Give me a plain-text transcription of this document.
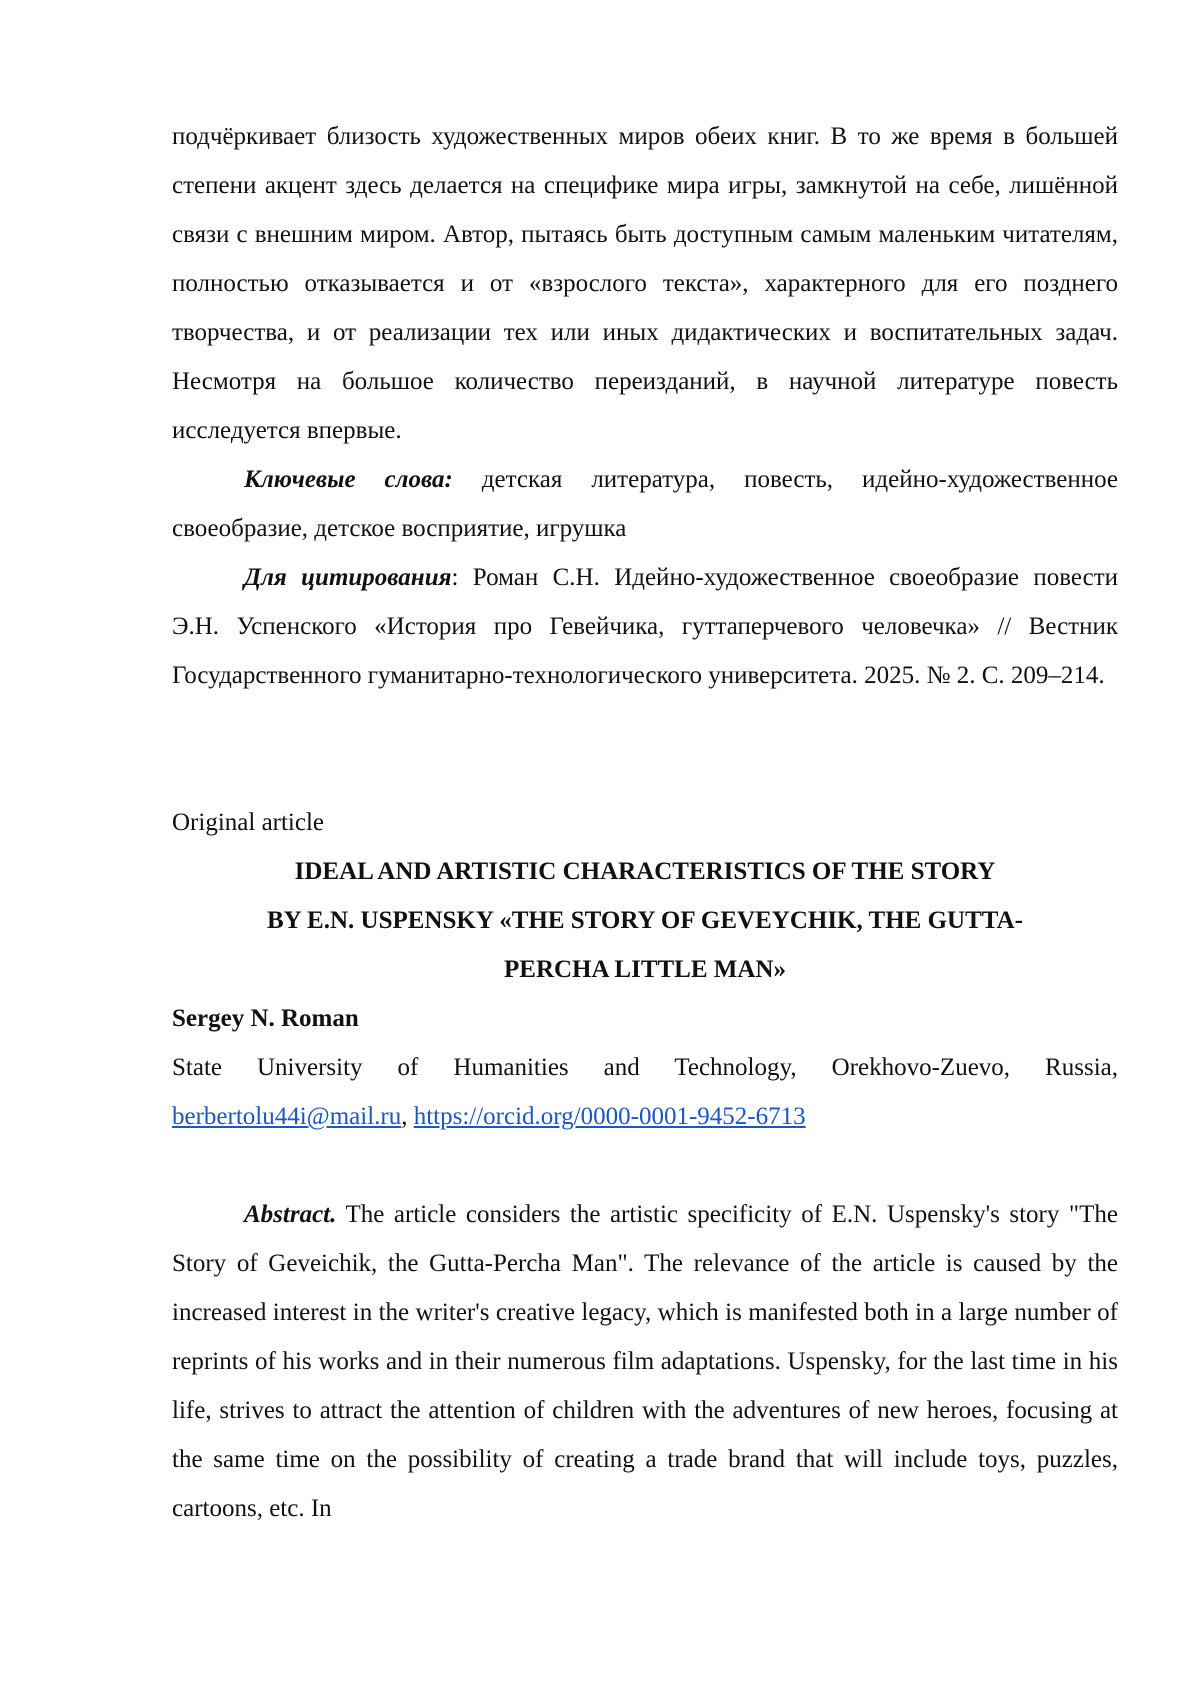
подчёркивает близость художественных миров обеих книг. В то же время в большей степени акцент здесь делается на специфике мира игры, замкнутой на себе, лишённой связи с внешним миром. Автор, пытаясь быть доступным самым маленьким читателям, полностью отказывается и от «взрослого текста», характерного для его позднего творчества, и от реализации тех или иных дидактических и воспитательных задач. Несмотря на большое количество переизданий, в научной литературе повесть исследуется впервые.

Ключевые слова: детская литература, повесть, идейно-художественное своеобразие, детское восприятие, игрушка

Для цитирования: Роман С.Н. Идейно-художественное своеобразие повести Э.Н. Успенского «История про Гевейчика, гуттаперчевого человечка» // Вестник Государственного гуманитарно-технологического университета. 2025. № 2. С. 209–214.

Original article

IDEAL AND ARTISTIC CHARACTERISTICS OF THE STORY

BY E.N. USPENSKY «THE STORY OF GEVEYCHIK, THE GUTTA-

PERCHA LITTLE MAN»

Sergey N. Roman

State University of Humanities and Technology, Orekhovo-Zuevo, Russia, berbertolu44i@mail.ru, https://orcid.org/0000-0001-9452-6713

Abstract. The article considers the artistic specificity of E.N. Uspensky's story "The Story of Geveichik, the Gutta-Percha Man". The relevance of the article is caused by the increased interest in the writer's creative legacy, which is manifested both in a large number of reprints of his works and in their numerous film adaptations. Uspensky, for the last time in his life, strives to attract the attention of children with the adventures of new heroes, focusing at the same time on the possibility of creating a trade brand that will include toys, puzzles, cartoons, etc. In
